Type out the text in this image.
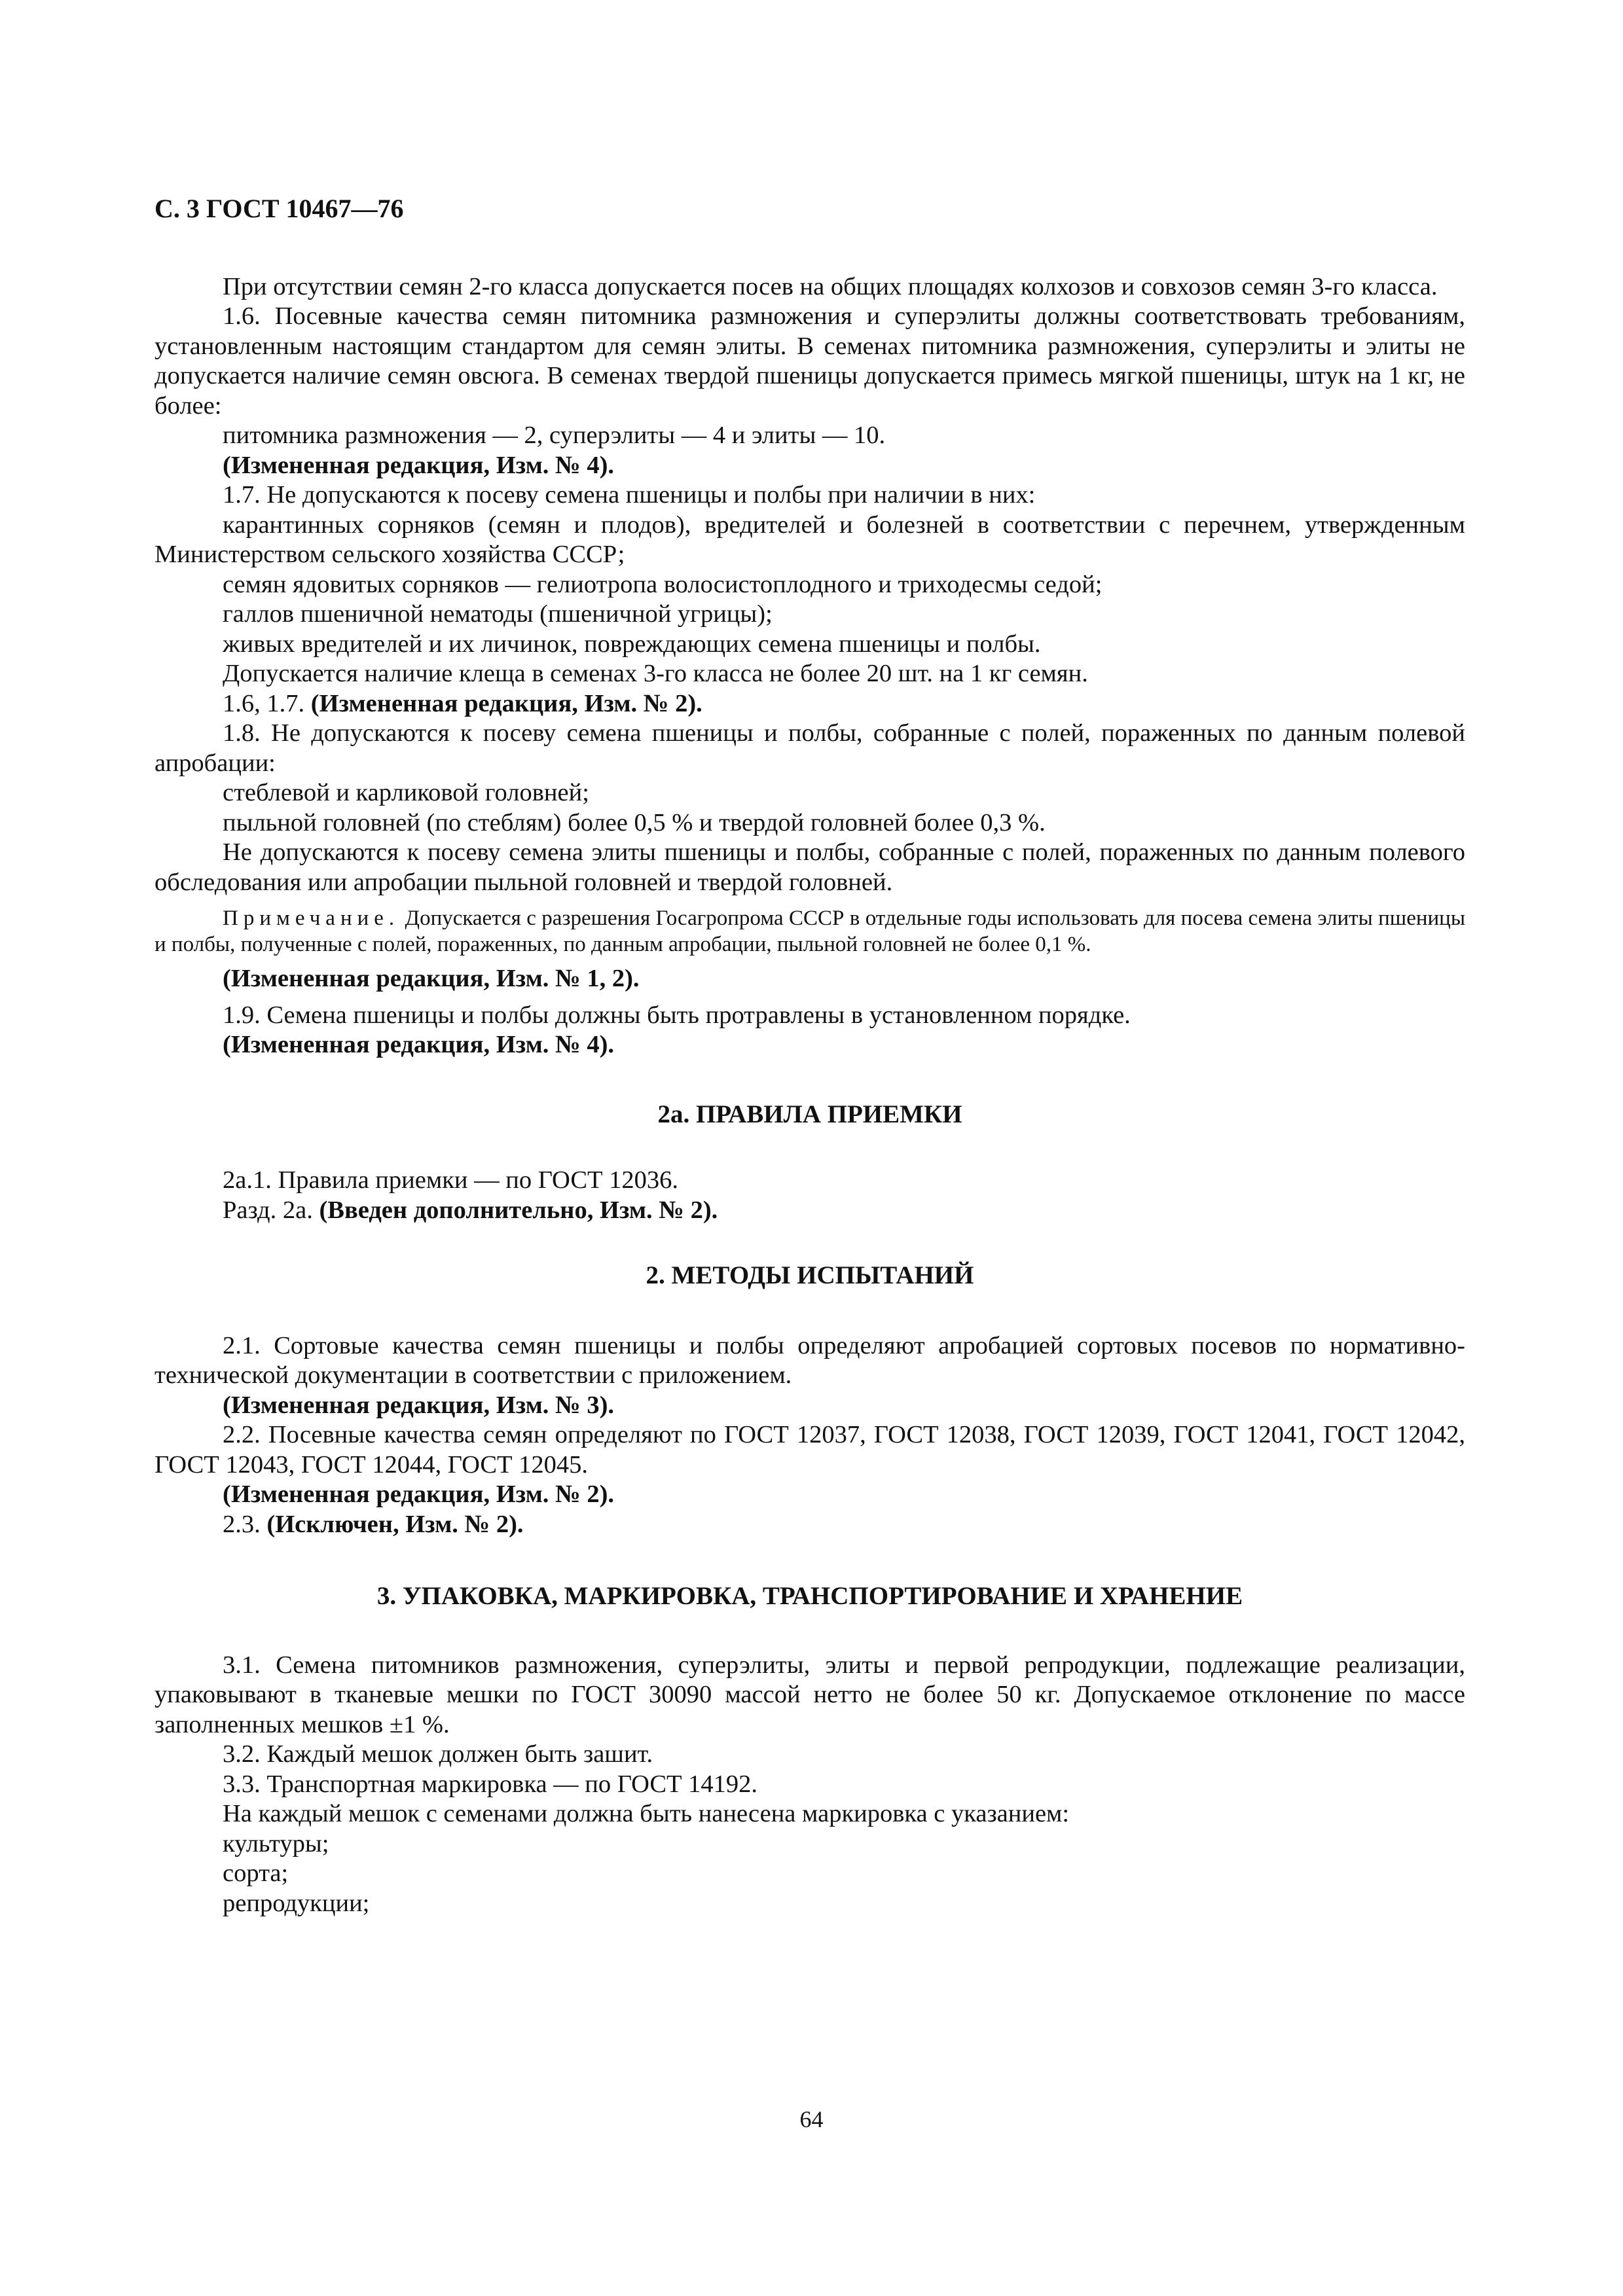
С. 3 ГОСТ 10467—76

При отсутствии семян 2-го класса допускается посев на общих площадях колхозов и совхозов семян 3-го класса.

1.6. Посевные качества семян питомника размножения и суперэлиты должны соответствовать требованиям, установленным настоящим стандартом для семян элиты. В семенах питомника размножения, суперэлиты и элиты не допускается наличие семян овсюга. В семенах твердой пшеницы допускается примесь мягкой пшеницы, штук на 1 кг, не более:

питомника размножения — 2, суперэлиты — 4 и элиты — 10.

(Измененная редакция, Изм. № 4).

1.7. Не допускаются к посеву семена пшеницы и полбы при наличии в них:

карантинных сорняков (семян и плодов), вредителей и болезней в соответствии с перечнем, утвержденным Министерством сельского хозяйства СССР;

семян ядовитых сорняков — гелиотропа волосистоплодного и триходесмы седой;

галлов пшеничной нематоды (пшеничной угрицы);

живых вредителей и их личинок, повреждающих семена пшеницы и полбы.

Допускается наличие клеща в семенах 3-го класса не более 20 шт. на 1 кг семян.

1.6, 1.7. (Измененная редакция, Изм. № 2).

1.8. Не допускаются к посеву семена пшеницы и полбы, собранные с полей, пораженных по данным полевой апробации:

стеблевой и карликовой головней;

пыльной головней (по стеблям) более 0,5 % и твердой головней более 0,3 %.

Не допускаются к посеву семена элиты пшеницы и полбы, собранные с полей, пораженных по данным полевого обследования или апробации пыльной головней и твердой головней.

Примечание. Допускается с разрешения Госагропрома СССР в отдельные годы использовать для посева семена элиты пшеницы и полбы, полученные с полей, пораженных, по данным апробации, пыльной головней не более 0,1 %.

(Измененная редакция, Изм. № 1, 2).

1.9. Семена пшеницы и полбы должны быть протравлены в установленном порядке.

(Измененная редакция, Изм. № 4).

2а. ПРАВИЛА ПРИЕМКИ

2а.1. Правила приемки — по ГОСТ 12036.

Разд. 2а. (Введен дополнительно, Изм. № 2).

2. МЕТОДЫ ИСПЫТАНИЙ

2.1. Сортовые качества семян пшеницы и полбы определяют апробацией сортовых посевов по нормативно-технической документации в соответствии с приложением.

(Измененная редакция, Изм. № 3).

2.2. Посевные качества семян определяют по ГОСТ 12037, ГОСТ 12038, ГОСТ 12039, ГОСТ 12041, ГОСТ 12042, ГОСТ 12043, ГОСТ 12044, ГОСТ 12045.

(Измененная редакция, Изм. № 2).

2.3. (Исключен, Изм. № 2).

3. УПАКОВКА, МАРКИРОВКА, ТРАНСПОРТИРОВАНИЕ И ХРАНЕНИЕ

3.1. Семена питомников размножения, суперэлиты, элиты и первой репродукции, подлежащие реализации, упаковывают в тканевые мешки по ГОСТ 30090 массой нетто не более 50 кг. Допускаемое отклонение по массе заполненных мешков ±1 %.

3.2. Каждый мешок должен быть зашит.

3.3. Транспортная маркировка — по ГОСТ 14192.

На каждый мешок с семенами должна быть нанесена маркировка с указанием:

культуры;

сорта;

репродукции;

64
